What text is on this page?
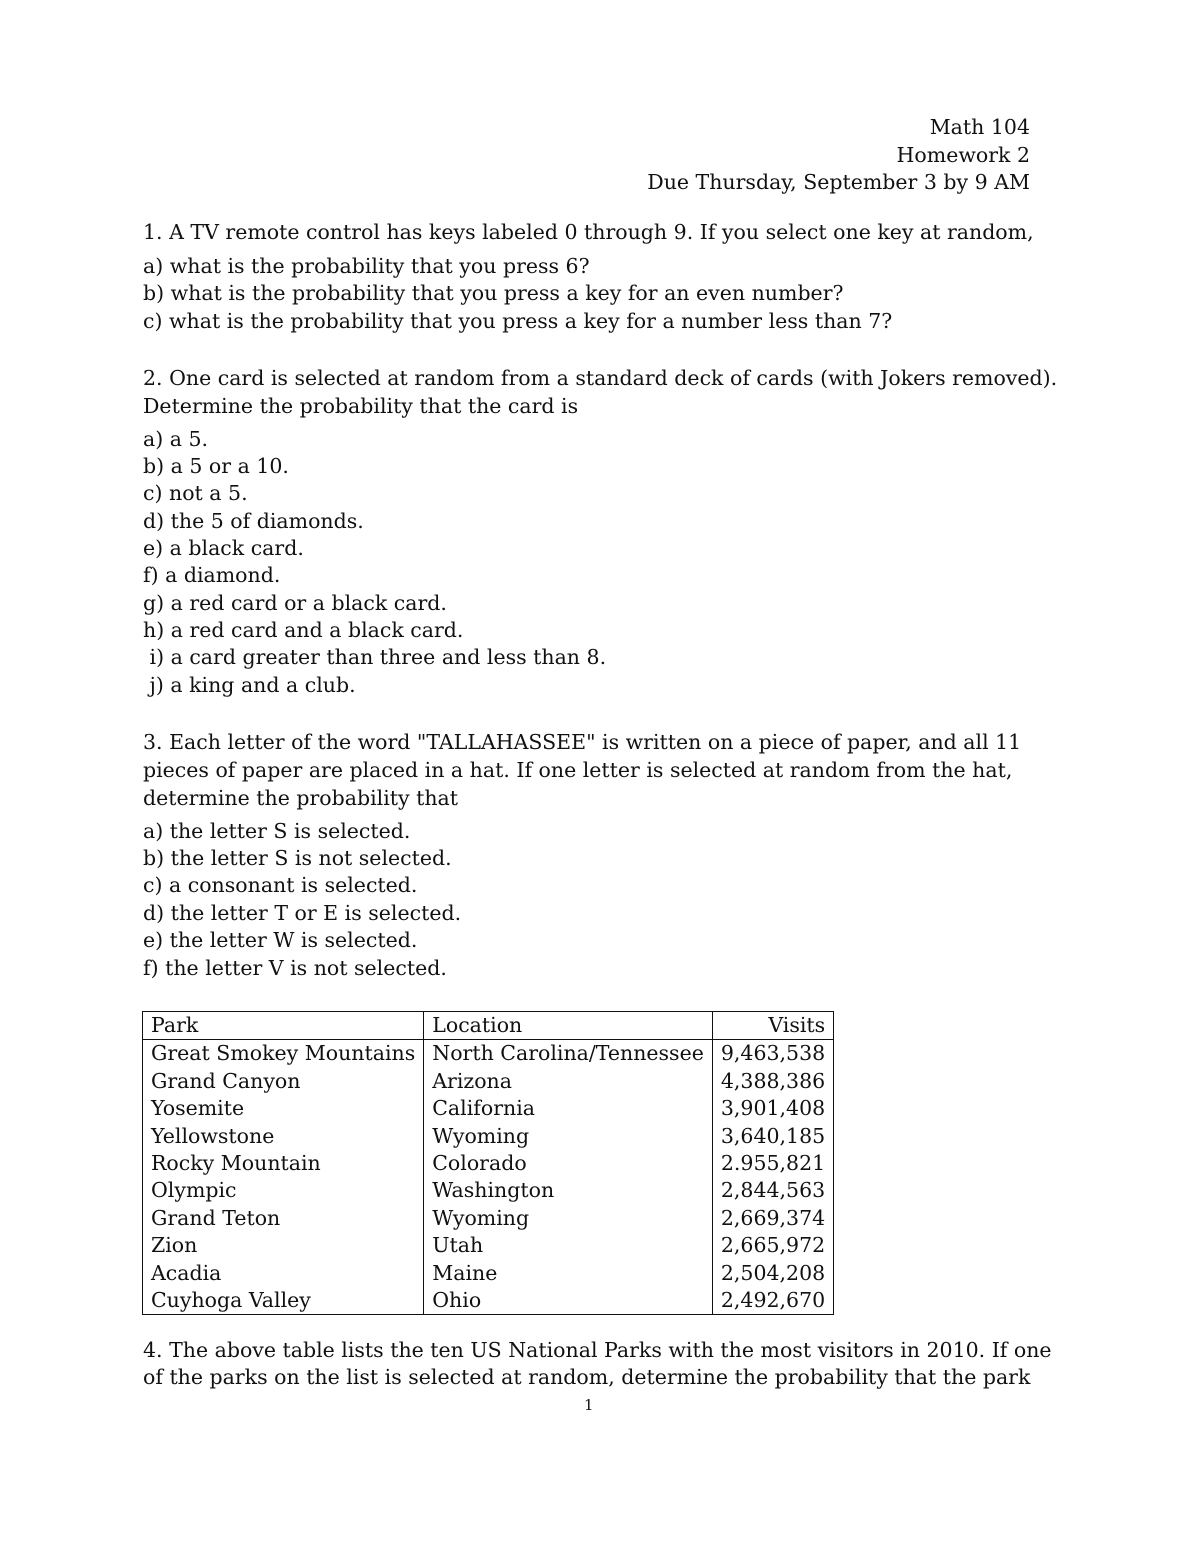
Math 104
Homework 2
Due Thursday, September 3 by 9 AM
1. A TV remote control has keys labeled 0 through 9. If you select one key at random,
a) what is the probability that you press 6?
b) what is the probability that you press a key for an even number?
c) what is the probability that you press a key for a number less than 7?
2. One card is selected at random from a standard deck of cards (with Jokers removed).
Determine the probability that the card is
a) a 5.
b) a 5 or a 10.
c) not a 5.
d) the 5 of diamonds.
e) a black card.
f) a diamond.
g) a red card or a black card.
h) a red card and a black card.
i) a card greater than three and less than 8.
j) a king and a club.
3. Each letter of the word "TALLAHASSEE" is written on a piece of paper, and all 11
pieces of paper are placed in a hat. If one letter is selected at random from the hat,
determine the probability that
a) the letter S is selected.
b) the letter S is not selected.
c) a consonant is selected.
d) the letter T or E is selected.
e) the letter W is selected.
f) the letter V is not selected.
Park	Location	Visits
Great Smokey Mountains	North Carolina/Tennessee	9,463,538
Grand Canyon	Arizona	4,388,386
Yosemite	California	3,901,408
Yellowstone	Wyoming	3,640,185
Rocky Mountain	Colorado	2.955,821
Olympic	Washington	2,844,563
Grand Teton	Wyoming	2,669,374
Zion	Utah	2,665,972
Acadia	Maine	2,504,208
Cuyhoga Valley	Ohio	2,492,670
4. The above table lists the ten US National Parks with the most visitors in 2010. If one
of the parks on the list is selected at random, determine the probability that the park
1
